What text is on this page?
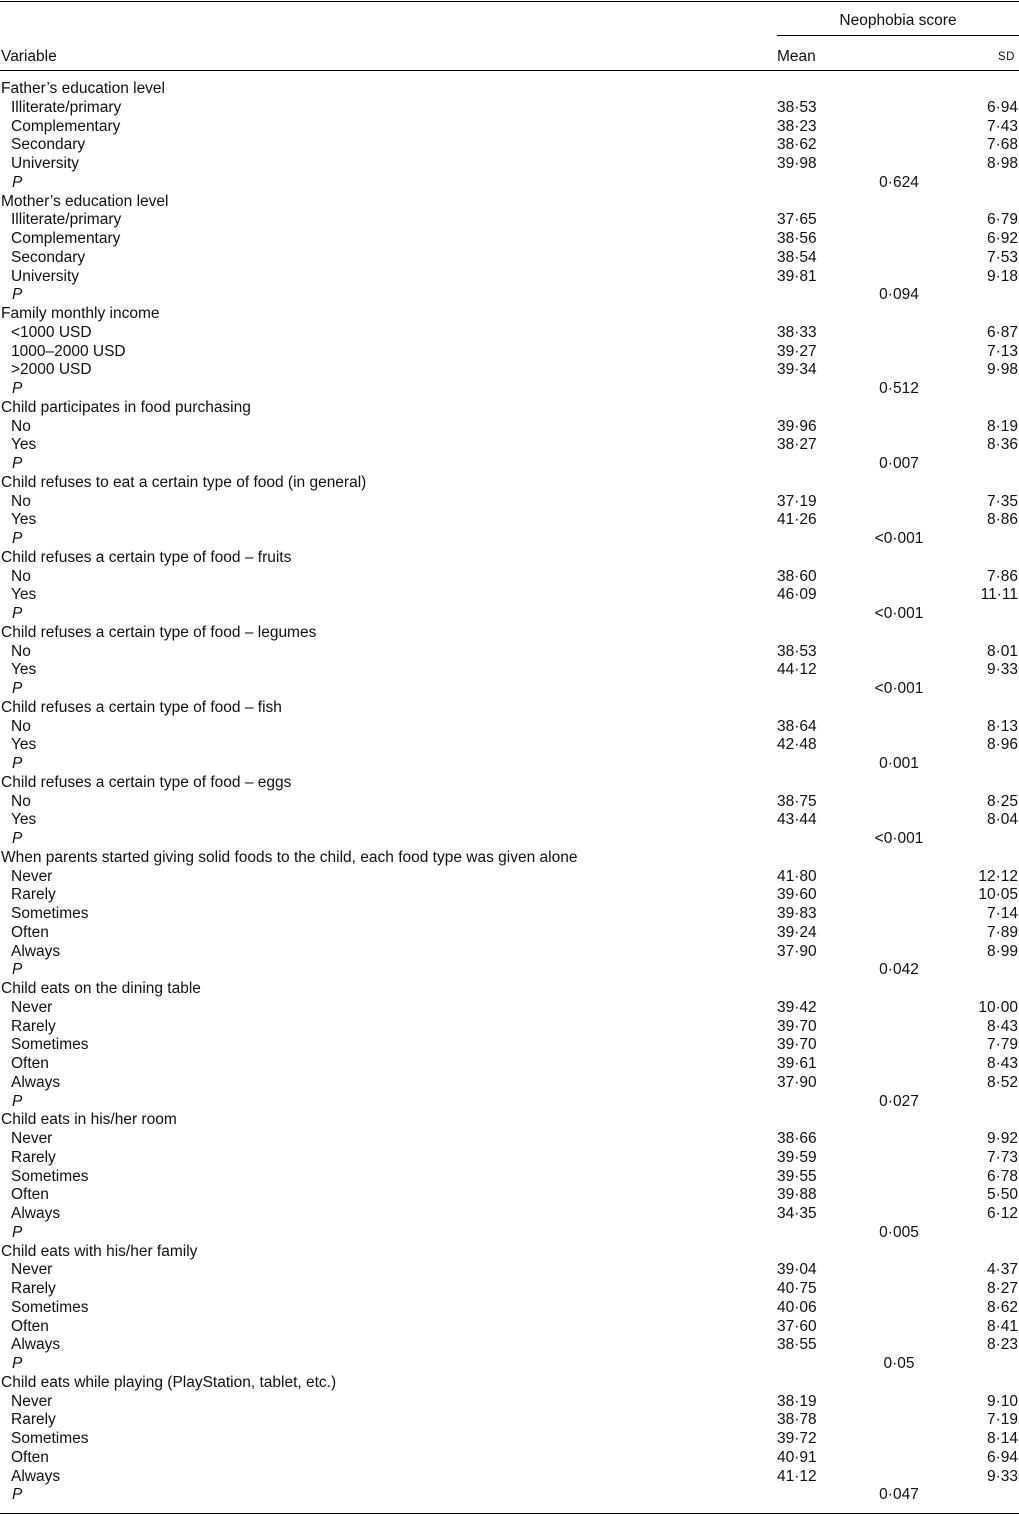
Neophobia score
Variable	Mean	SD
Father’s education level
Illiterate/primary	38·53	6·94
Complementary	38·23	7·43
Secondary	38·62	7·68
University	39·98	8·98
P	0·624
Mother’s education level
Illiterate/primary	37·65	6·79
Complementary	38·56	6·92
Secondary	38·54	7·53
University	39·81	9·18
P	0·094
Family monthly income
<1000 USD	38·33	6·87
1000–2000 USD	39·27	7·13
>2000 USD	39·34	9·98
P	0·512
Child participates in food purchasing
No	39·96	8·19
Yes	38·27	8·36
P	0·007
Child refuses to eat a certain type of food (in general)
No	37·19	7·35
Yes	41·26	8·86
P	<0·001
Child refuses a certain type of food – fruits
No	38·60	7·86
Yes	46·09	11·11
P	<0·001
Child refuses a certain type of food – legumes
No	38·53	8·01
Yes	44·12	9·33
P	<0·001
Child refuses a certain type of food – fish
No	38·64	8·13
Yes	42·48	8·96
P	0·001
Child refuses a certain type of food – eggs
No	38·75	8·25
Yes	43·44	8·04
P	<0·001
When parents started giving solid foods to the child, each food type was given alone
Never	41·80	12·12
Rarely	39·60	10·05
Sometimes	39·83	7·14
Often	39·24	7·89
Always	37·90	8·99
P	0·042
Child eats on the dining table
Never	39·42	10·00
Rarely	39·70	8·43
Sometimes	39·70	7·79
Often	39·61	8·43
Always	37·90	8·52
P	0·027
Child eats in his/her room
Never	38·66	9·92
Rarely	39·59	7·73
Sometimes	39·55	6·78
Often	39·88	5·50
Always	34·35	6·12
P	0·005
Child eats with his/her family
Never	39·04	4·37
Rarely	40·75	8·27
Sometimes	40·06	8·62
Often	37·60	8·41
Always	38·55	8·23
P	0·05
Child eats while playing (PlayStation, tablet, etc.)
Never	38·19	9·10
Rarely	38·78	7·19
Sometimes	39·72	8·14
Often	40·91	6·94
Always	41·12	9·33
P	0·047
